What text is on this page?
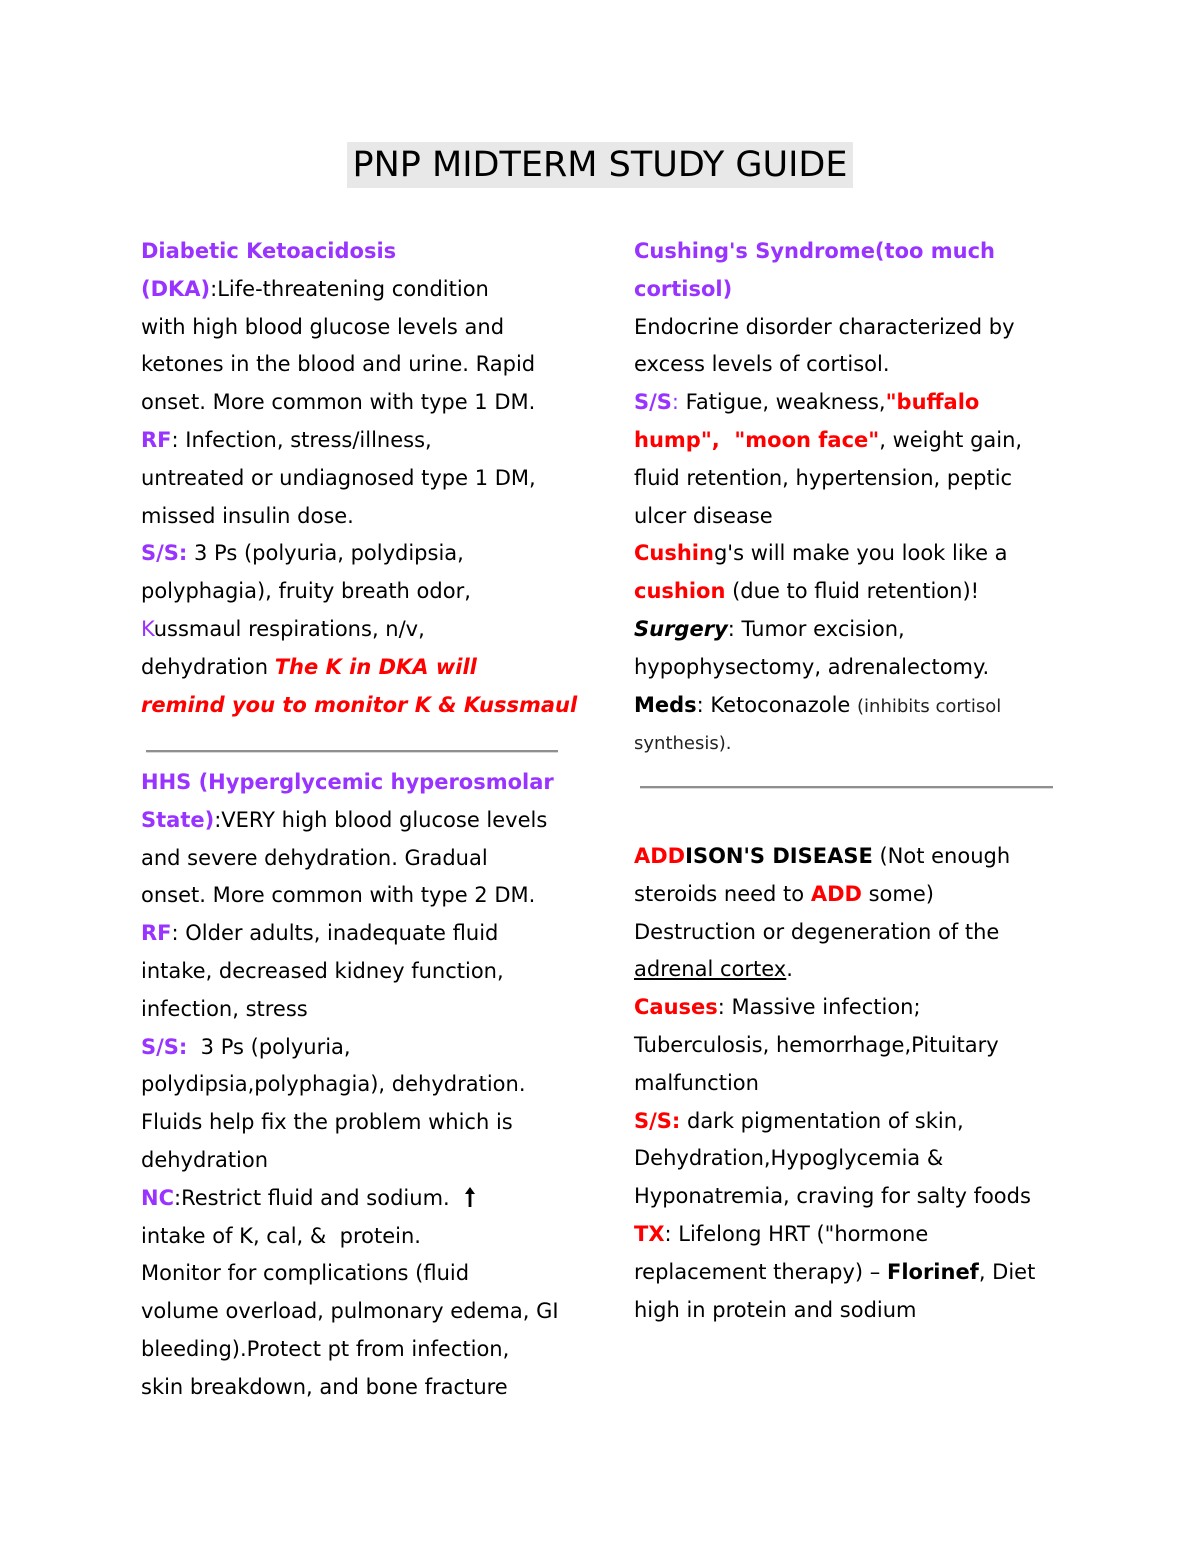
PNP MIDTERM STUDY GUIDE
Diabetic Ketoacidosis
(DKA):Life-threatening condition
with high blood glucose levels and
ketones in the blood and urine. Rapid
onset. More common with type 1 DM.
RF: Infection, stress/illness,
untreated or undiagnosed type 1 DM,
missed insulin dose.
S/S: 3 Ps (polyuria, polydipsia,
polyphagia), fruity breath odor,
Kussmaul respirations, n/v,
dehydration The K in DKA will
remind you to monitor K & Kussmaul
HHS (Hyperglycemic hyperosmolar
State):VERY high blood glucose levels
and severe dehydration. Gradual
onset. More common with type 2 DM.
RF: Older adults, inadequate fluid
intake, decreased kidney function,
infection, stress
S/S:  3 Ps (polyuria,
polydipsia,polyphagia), dehydration.
Fluids help fix the problem which is
dehydration
NC:Restrict fluid and sodium.
intake of K, cal, &  protein.
Monitor for complications (fluid
volume overload, pulmonary edema, GI
bleeding).Protect pt from infection,
skin breakdown, and bone fracture
Cushing's Syndrome(too much
cortisol)
Endocrine disorder characterized by
excess levels of cortisol.
S/S: Fatigue, weakness,"buffalo
hump",  "moon face", weight gain,
fluid retention, hypertension, peptic
ulcer disease
Cushing's will make you look like a
cushion (due to fluid retention)!
Surgery: Tumor excision,
hypophysectomy, adrenalectomy.
Meds: Ketoconazole (inhibits cortisol
synthesis).
ADDISON'S DISEASE (Not enough
steroids need to ADD some)
Destruction or degeneration of the
adrenal cortex.
Causes: Massive infection;
Tuberculosis, hemorrhage,Pituitary
malfunction
S/S: dark pigmentation of skin,
Dehydration,Hypoglycemia &
Hyponatremia, craving for salty foods
TX: Lifelong HRT ("hormone
replacement therapy) – Florinef, Diet
high in protein and sodium
